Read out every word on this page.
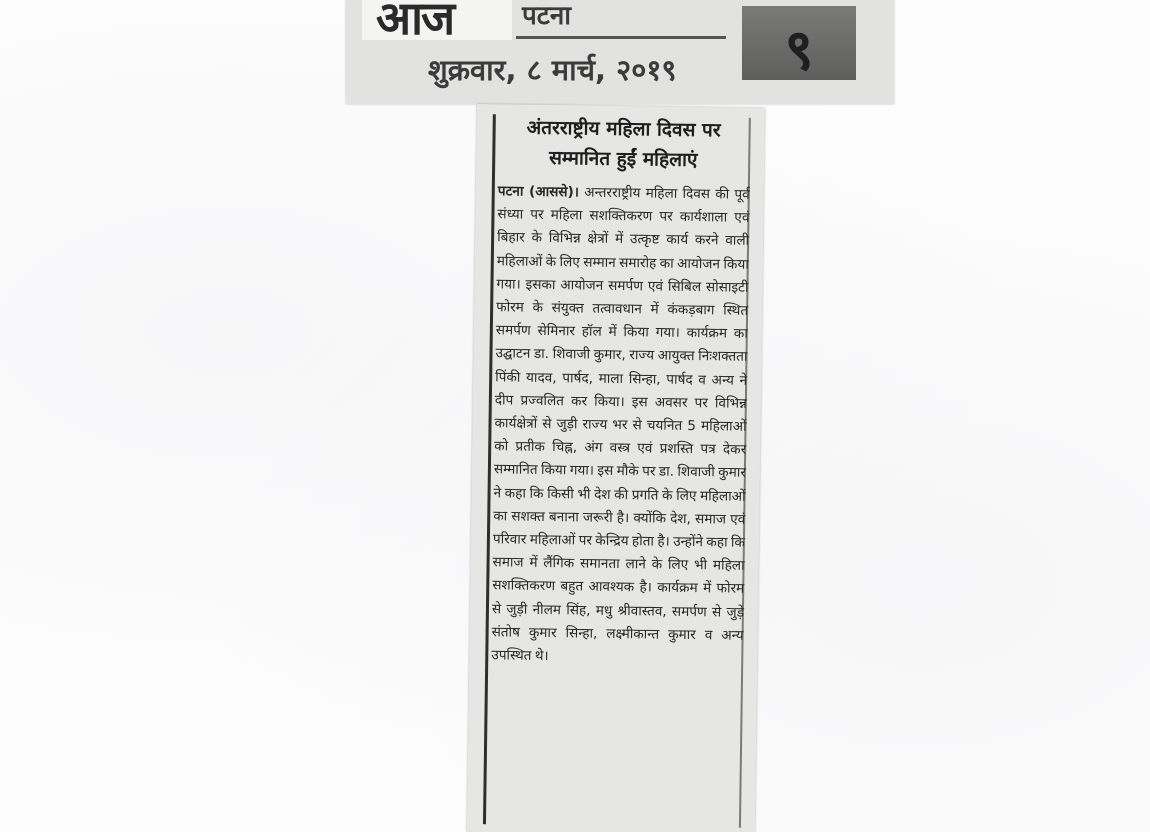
आज	पटना
शुक्रवार, ८ मार्च, २०१९	९
अंतरराष्ट्रीय महिला दिवस पर
सम्मानित हुईं महिलाएं
पटना (आससे)। अन्तरराष्ट्रीय महिला दिवस की पूर्व संध्या पर महिला सशक्तिकरण पर कार्यशाला एवं बिहार के विभिन्न क्षेत्रों में उत्कृष्ट कार्य करने वाली महिलाओं के लिए सम्मान समारोह का आयोजन किया गया। इसका आयोजन समर्पण एवं सिबिल सोसाइटी फोरम के संयुक्त तत्वावधान में कंकड़बाग स्थित समर्पण सेमिनार हॉल में किया गया। कार्यक्रम का उद्घाटन डा. शिवाजी कुमार, राज्य आयुक्त निःशक्तता पिंकी यादव, पार्षद, माला सिन्हा, पार्षद व अन्य ने दीप प्रज्वलित कर किया। इस अवसर पर विभिन्न कार्यक्षेत्रों से जुड़ी राज्य भर से चयनित 5 महिलाओं को प्रतीक चिह्न, अंग वस्त्र एवं प्रशस्ति पत्र देकर सम्मानित किया गया। इस मौके पर डा. शिवाजी कुमार ने कहा कि किसी भी देश की प्रगति के लिए महिलाओं का सशक्त बनाना जरूरी है। क्योंकि देश, समाज एवं परिवार महिलाओं पर केन्द्रिय होता है। उन्होंने कहा कि समाज में लैंगिक समानता लाने के लिए भी महिला सशक्तिकरण बहुत आवश्यक है। कार्यक्रम में फोरम से जुड़ी नीलम सिंह, मधु श्रीवास्तव, समर्पण से जुड़े संतोष कुमार सिन्हा, लक्ष्मीकान्त कुमार व अन्य उपस्थित थे।
